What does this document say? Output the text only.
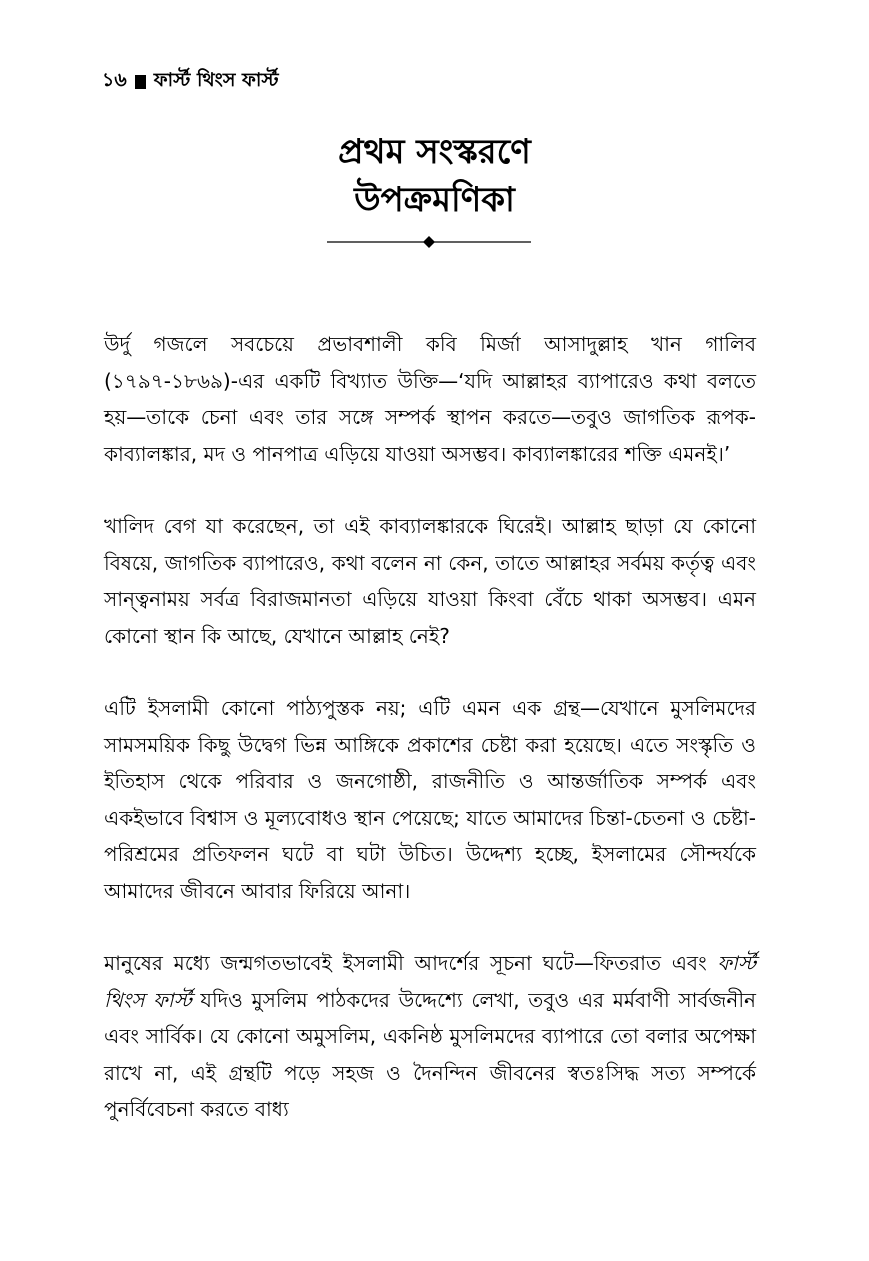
১৬ ফার্স্ট থিংস ফার্স্ট
প্রথম সংস্করণে
উপক্রমণিকা

উর্দু গজলে সবচেয়ে প্রভাবশালী কবি মির্জা আসাদুল্লাহ খান গালিব (১৭৯৭-১৮৬৯)-এর একটি বিখ্যাত উক্তি—‘যদি আল্লাহর ব্যাপারেও কথা বলতে হয়—তাকে চেনা এবং তার সঙ্গে সম্পর্ক স্থাপন করতে—তবুও জাগতিক রূপক-কাব্যালঙ্কার, মদ ও পানপাত্র এড়িয়ে যাওয়া অসম্ভব। কাব্যালঙ্কারের শক্তি এমনই।’

খালিদ বেগ যা করেছেন, তা এই কাব্যালঙ্কারকে ঘিরেই। আল্লাহ ছাড়া যে কোনো বিষয়ে, জাগতিক ব্যাপারেও, কথা বলেন না কেন, তাতে আল্লাহর সর্বময় কর্তৃত্ব এবং সান্ত্বনাময় সর্বত্র বিরাজমানতা এড়িয়ে যাওয়া কিংবা বেঁচে থাকা অসম্ভব। এমন কোনো স্থান কি আছে, যেখানে আল্লাহ নেই?

এটি ইসলামী কোনো পাঠ্যপুস্তক নয়; এটি এমন এক গ্রন্থ—যেখানে মুসলিমদের সামসময়িক কিছু উদ্বেগ ভিন্ন আঙ্গিকে প্রকাশের চেষ্টা করা হয়েছে। এতে সংস্কৃতি ও ইতিহাস থেকে পরিবার ও জনগোষ্ঠী, রাজনীতি ও আন্তর্জাতিক সম্পর্ক এবং একইভাবে বিশ্বাস ও মূল্যবোধও স্থান পেয়েছে; যাতে আমাদের চিন্তা-চেতনা ও চেষ্টা-পরিশ্রমের প্রতিফলন ঘটে বা ঘটা উচিত। উদ্দেশ্য হচ্ছে, ইসলামের সৌন্দর্যকে আমাদের জীবনে আবার ফিরিয়ে আনা।

মানুষের মধ্যে জন্মগতভাবেই ইসলামী আদর্শের সূচনা ঘটে—ফিতরাত এবং ফার্স্ট থিংস ফার্স্ট যদিও মুসলিম পাঠকদের উদ্দেশ্যে লেখা, তবুও এর মর্মবাণী সার্বজনীন এবং সার্বিক। যে কোনো অমুসলিম, একনিষ্ঠ মুসলিমদের ব্যাপারে তো বলার অপেক্ষা রাখে না, এই গ্রন্থটি পড়ে সহজ ও দৈনন্দিন জীবনের স্বতঃসিদ্ধ সত্য সম্পর্কে পুনর্বিবেচনা করতে বাধ্য
